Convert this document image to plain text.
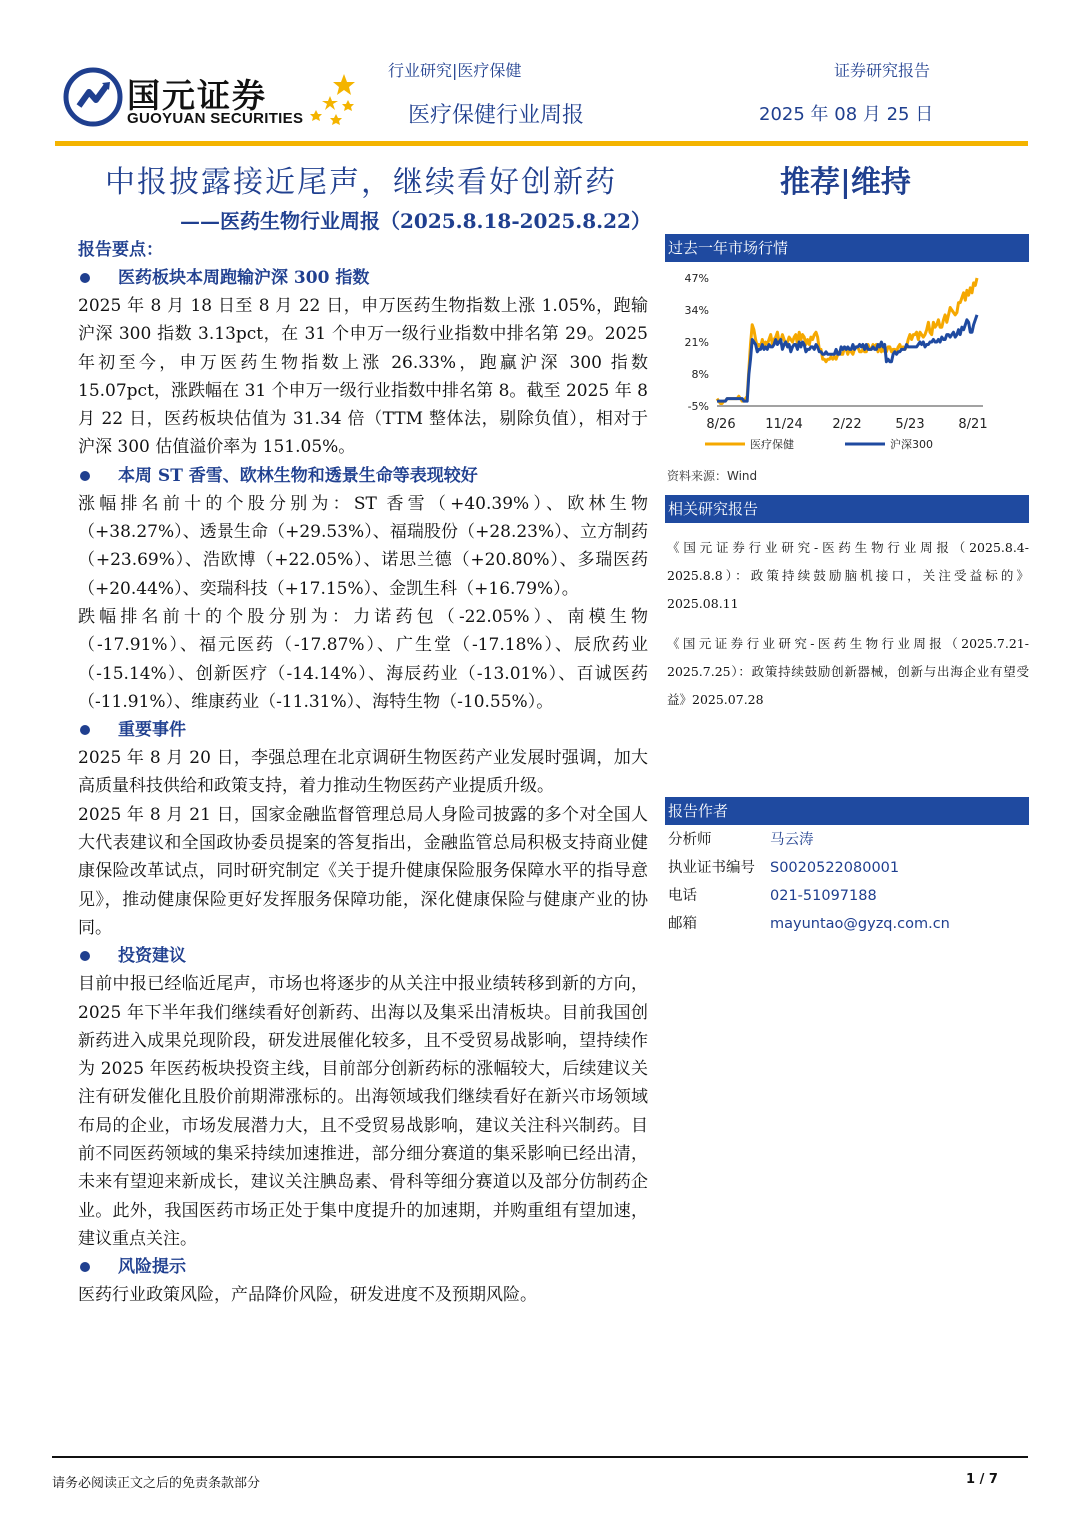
国元证券
GUOYUAN SECURITIES
行业研究|医疗保健	证券研究报告
医疗保健行业周报	2025 年 08 月 25 日
中报披露接近尾声，继续看好创新药	推荐|维持
——医药生物行业周报（2025.8.18-2025.8.22）
报告要点：
医药板块本周跑输沪深 300 指数

2025 年 8 月 18 日至 8 月 22 日，申万医药生物指数上涨 1.05%，跑输沪深 300 指数 3.13pct，在 31 个申万一级行业指数中排名第 29。2025 年初至今，申万医药生物指数上涨 26.33%，跑赢沪深 300 指数 15.07pct，涨跌幅在 31 个申万一级行业指数中排名第 8。截至 2025 年 8 月 22 日，医药板块估值为 31.34 倍（TTM 整体法，剔除负值），相对于沪深 300 估值溢价率为 151.05%。

本周 ST 香雪、欧林生物和透景生命等表现较好

涨幅排名前十的个股分别为：ST 香雪（+40.39%）、欧林生物（+38.27%）、透景生命（+29.53%）、福瑞股份（+28.23%）、立方制药（+23.69%）、浩欧博（+22.05%）、诺思兰德（+20.80%）、多瑞医药（+20.44%）、奕瑞科技（+17.15%）、金凯生科（+16.79%）。

跌幅排名前十的个股分别为：力诺药包（-22.05%）、南模生物（-17.91%）、福元医药（-17.87%）、广生堂（-17.18%）、辰欣药业（-15.14%）、创新医疗（-14.14%）、海辰药业（-13.01%）、百诚医药（-11.91%）、维康药业（-11.31%）、海特生物（-10.55%）。

重要事件

2025 年 8 月 20 日，李强总理在北京调研生物医药产业发展时强调，加大高质量科技供给和政策支持，着力推动生物医药产业提质升级。

2025 年 8 月 21 日，国家金融监督管理总局人身险司披露的多个对全国人大代表建议和全国政协委员提案的答复指出，金融监管总局积极支持商业健康保险改革试点，同时研究制定《关于提升健康保险服务保障水平的指导意见》，推动健康保险更好发挥服务保障功能，深化健康保险与健康产业的协同。

投资建议

目前中报已经临近尾声，市场也将逐步的从关注中报业绩转移到新的方向，2025 年下半年我们继续看好创新药、出海以及集采出清板块。目前我国创新药进入成果兑现阶段，研发进展催化较多，且不受贸易战影响，望持续作为 2025 年医药板块投资主线，目前部分创新药标的涨幅较大，后续建议关注有研发催化且股价前期滞涨标的。出海领域我们继续看好在新兴市场领域布局的企业，市场发展潜力大，且不受贸易战影响，建议关注科兴制药。目前不同医药领域的集采持续加速推进，部分细分赛道的集采影响已经出清，未来有望迎来新成长，建议关注腆岛素、骨科等细分赛道以及部分仿制药企业。此外，我国医药市场正处于集中度提升的加速期，并购重组有望加速，建议重点关注。

风险提示

医药行业政策风险，产品降价风险，研发进度不及预期风险。

过去一年市场行情
47%
34%
21%
8%
-5%
8/26 11/24 2/22	5/23	8/21
医疗保健	沪深300
资料来源：Wind
相关研究报告
《国元证券行业研究-医药生物行业周报（2025.8.4-2025.8.8）：政策持续鼓励脑机接口，关注受益标的》2025.08.11
《国元证券行业研究-医药生物行业周报（2025.7.21-2025.7.25）：政策持续鼓励创新器械，创新与出海企业有望受益》2025.07.28
报告作者
分析师	马云涛
执业证书编号 S0020522080001
电话	021-51097188
邮箱	mayuntao@gyzq.com.cn
请务必阅读正文之后的免责条款部分	1 / 7
